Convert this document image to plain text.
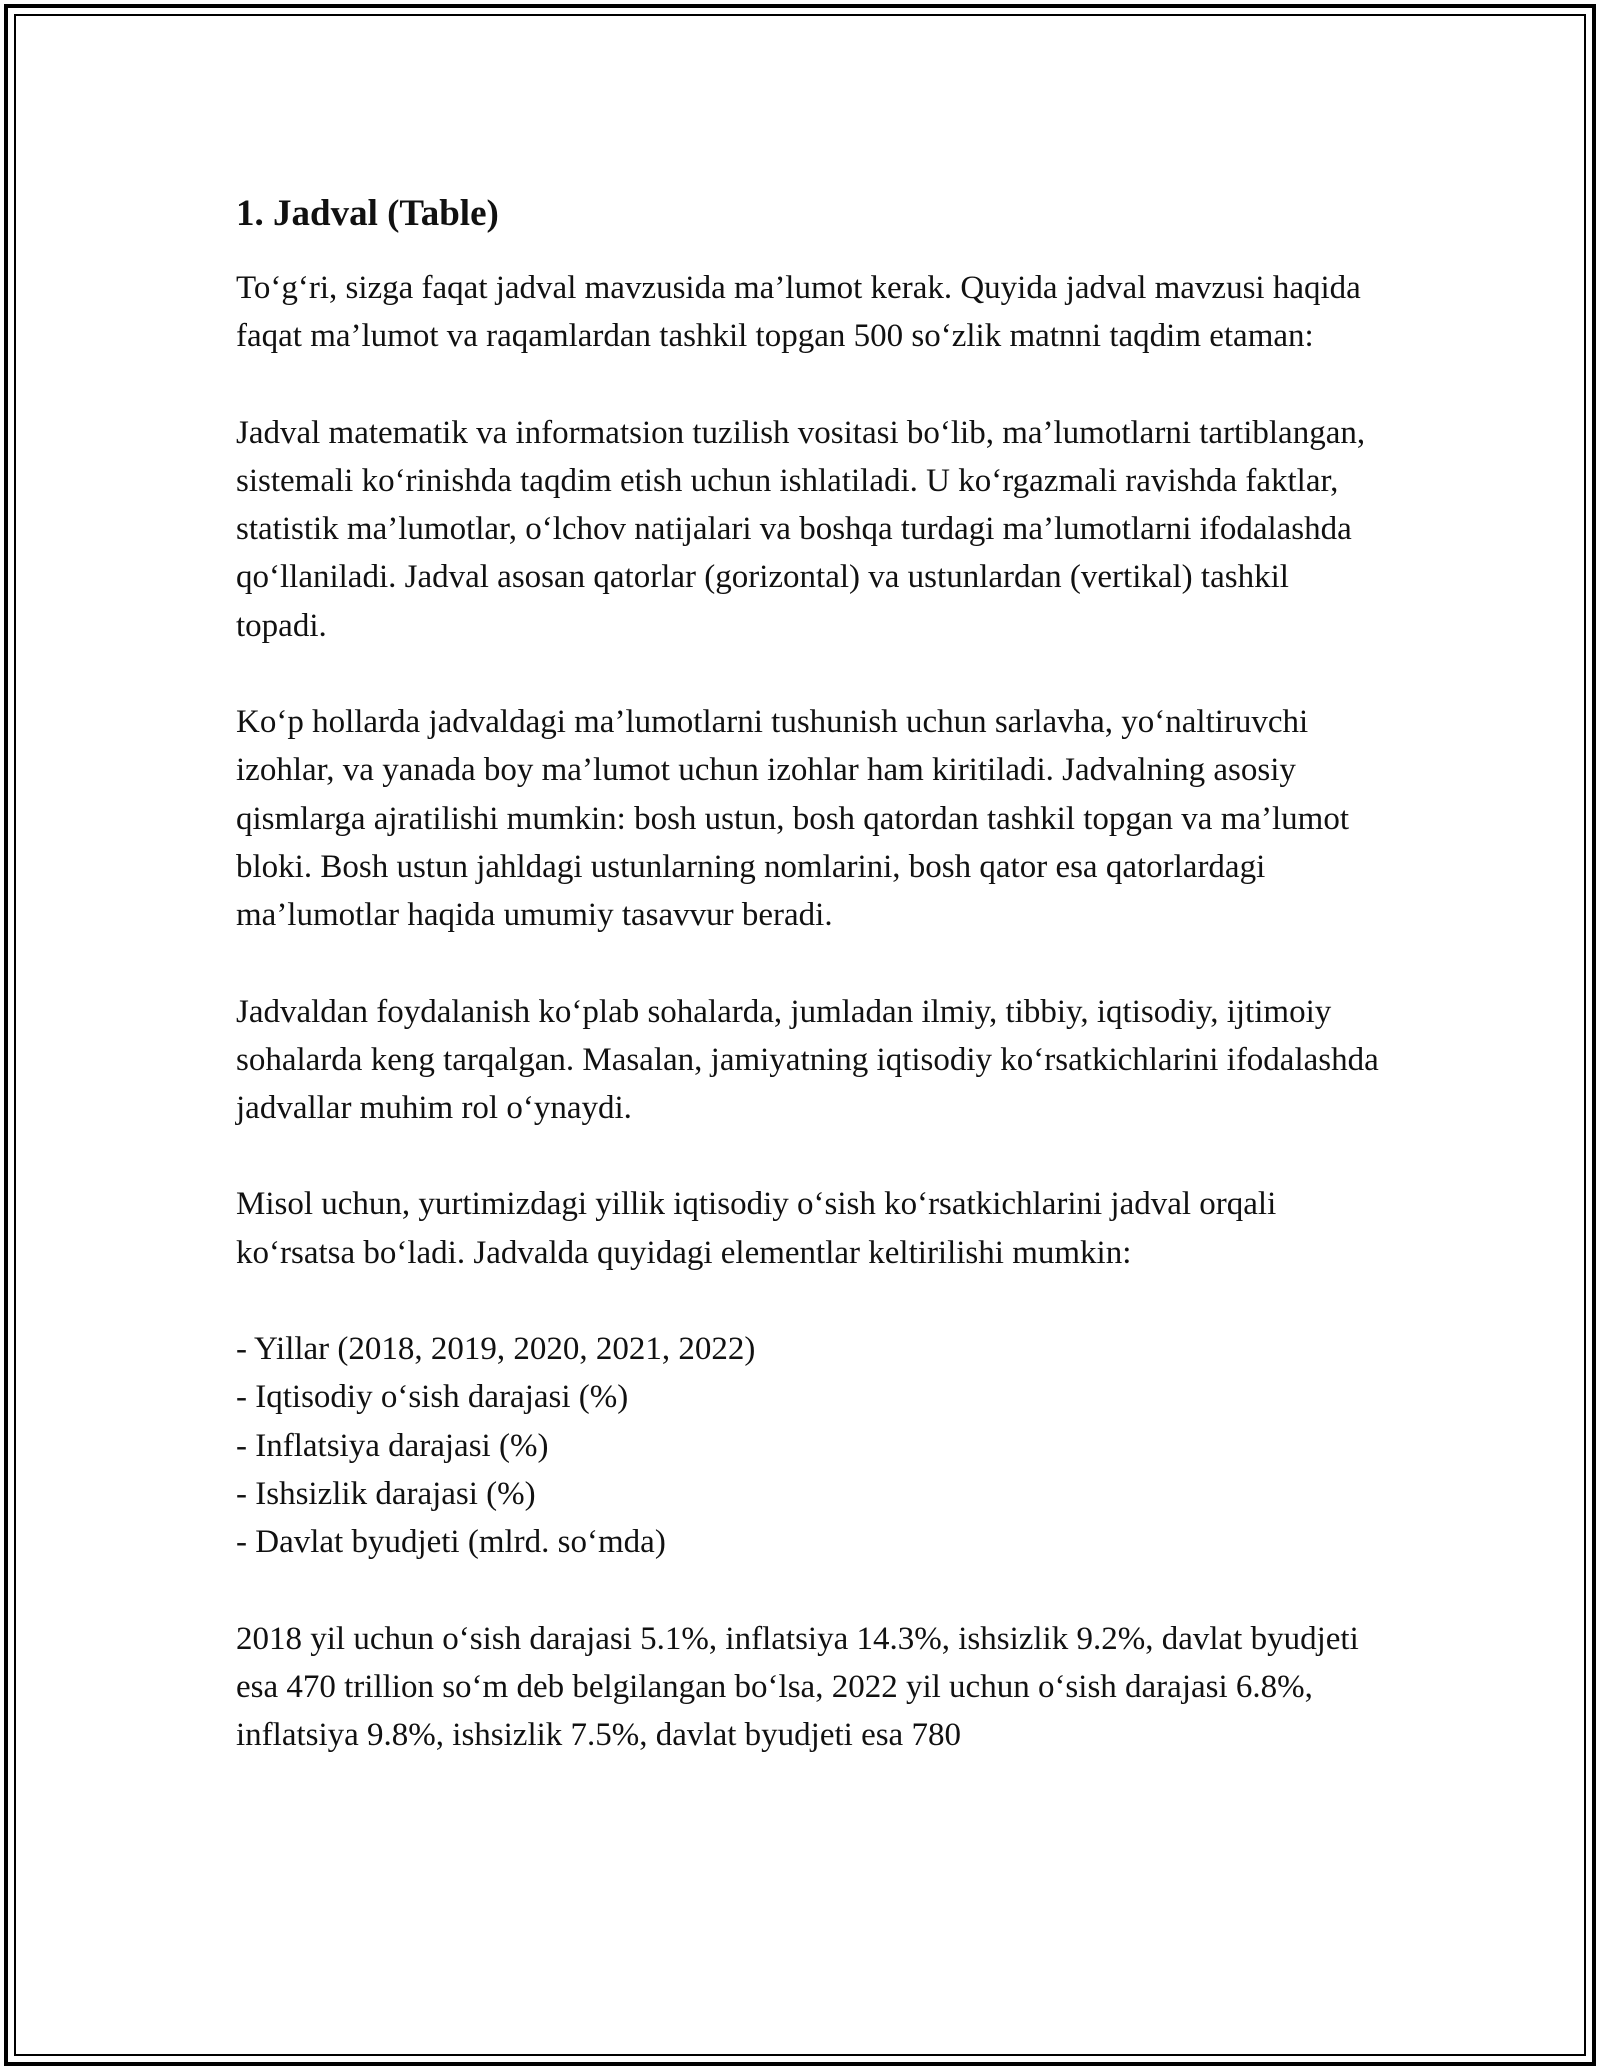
1. Jadval (Table)

To‘g‘ri, sizga faqat jadval mavzusida ma’lumot kerak. Quyida jadval mavzusi haqida faqat ma’lumot va raqamlardan tashkil topgan 500 so‘zlik matnni taqdim etaman:

Jadval matematik va informatsion tuzilish vositasi bo‘lib, ma’lumotlarni tartiblangan, sistemali ko‘rinishda taqdim etish uchun ishlatiladi. U ko‘rgazmali ravishda faktlar, statistik ma’lumotlar, o‘lchov natijalari va boshqa turdagi ma’lumotlarni ifodalashda qo‘llaniladi. Jadval asosan qatorlar (gorizontal) va ustunlardan (vertikal) tashkil topadi.

Ko‘p hollarda jadvaldagi ma’lumotlarni tushunish uchun sarlavha, yo‘naltiruvchi izohlar, va yanada boy ma’lumot uchun izohlar ham kiritiladi. Jadvalning asosiy qismlarga ajratilishi mumkin: bosh ustun, bosh qatordan tashkil topgan va ma’lumot bloki. Bosh ustun jahldagi ustunlarning nomlarini, bosh qator esa qatorlardagi ma’lumotlar haqida umumiy tasavvur beradi.

Jadvaldan foydalanish ko‘plab sohalarda, jumladan ilmiy, tibbiy, iqtisodiy, ijtimoiy sohalarda keng tarqalgan. Masalan, jamiyatning iqtisodiy ko‘rsatkichlarini ifodalashda jadvallar muhim rol o‘ynaydi.

Misol uchun, yurtimizdagi yillik iqtisodiy o‘sish ko‘rsatkichlarini jadval orqali ko‘rsatsa bo‘ladi. Jadvalda quyidagi elementlar keltirilishi mumkin:

- Yillar (2018, 2019, 2020, 2021, 2022)
- Iqtisodiy o‘sish darajasi (%)
- Inflatsiya darajasi (%)
- Ishsizlik darajasi (%)
- Davlat byudjeti (mlrd. so‘mda)

2018 yil uchun o‘sish darajasi 5.1%, inflatsiya 14.3%, ishsizlik 9.2%, davlat byudjeti esa 470 trillion so‘m deb belgilangan bo‘lsa, 2022 yil uchun o‘sish darajasi 6.8%, inflatsiya 9.8%, ishsizlik 7.5%, davlat byudjeti esa 780
